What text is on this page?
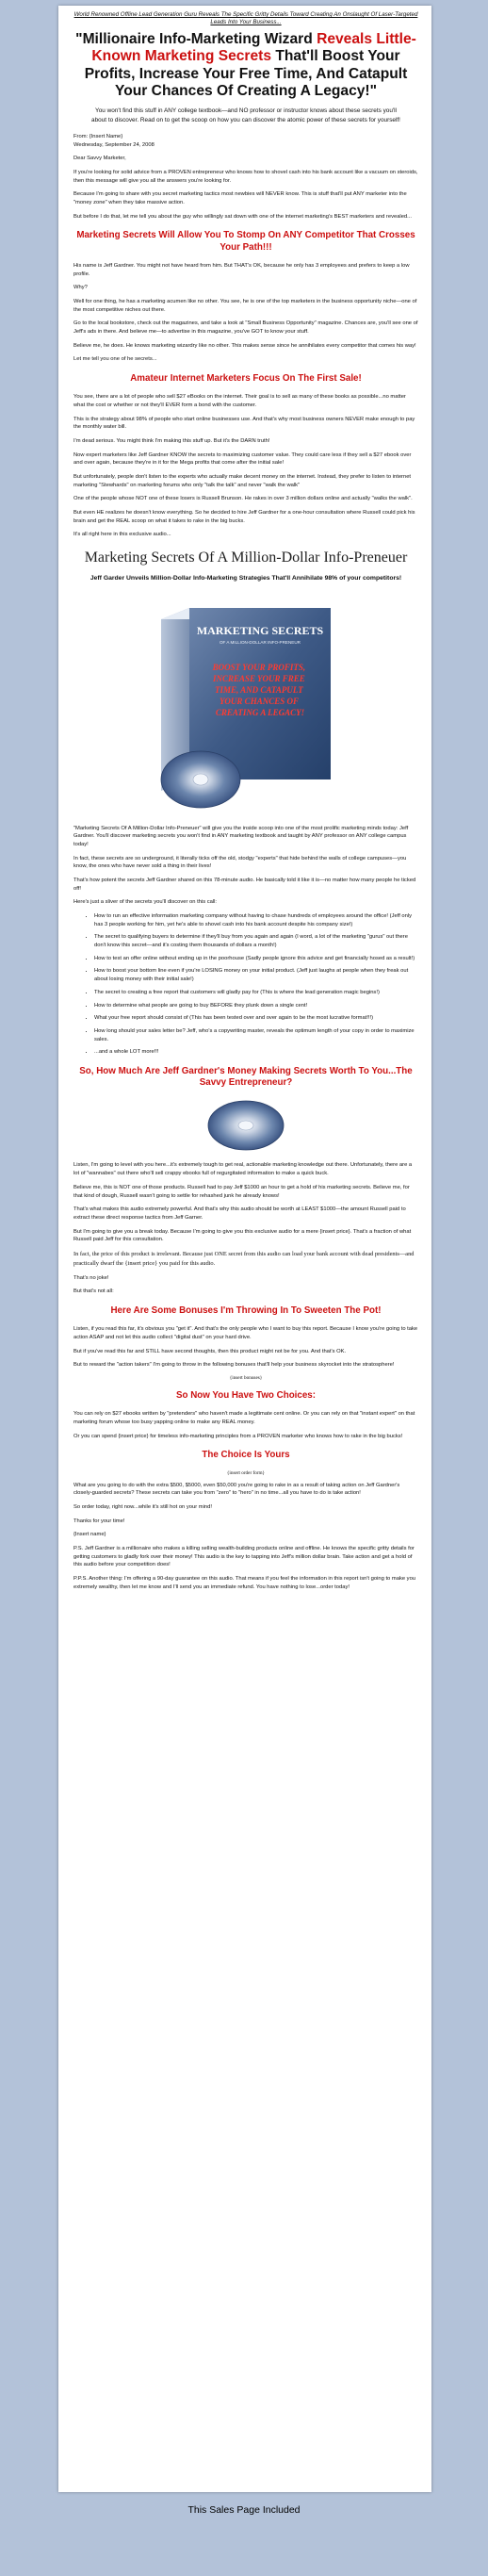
World Renowned Offline Lead Generation Guru Reveals The Specific Gritty Details Toward Creating An Onslaught Of Laser-Targeted Leads Into Your Business...
"Millionaire Info-Marketing Wizard Reveals Little-Known Marketing Secrets That'll Boost Your Profits, Increase Your Free Time, And Catapult Your Chances Of Creating A Legacy!"
You won't find this stuff in ANY college textbook—and NO professor or instructor knows about these secrets you'll about to discover. Read on to get the scoop on how you can discover the atomic power of these secrets for yourself!

From: {Insert Name}

Wednesday, September 24, 2008

Dear Savvy Marketer,

If you're looking for solid advice from a PROVEN entrepreneur who knows how to shovel cash into his bank account like a vacuum on steroids, then this message will give you all the answers you're looking for.

Because I'm going to share with you secret marketing tactics most newbies will NEVER know. This is stuff that'll put ANY marketer into the "money zone" when they take massive action.

But before I do that, let me tell you about the guy who willingly sat down with one of the internet marketing's BEST marketers and revealed...

Marketing Secrets Will Allow You To Stomp On ANY Competitor That Crosses Your Path!!!

His name is Jeff Gardner. You might not have heard from him. But THAT's OK, because he only has 3 employees and prefers to keep a low profile.

Why?

Well for one thing, he has a marketing acumen like no other. You see, he is one of the top marketers in the business opportunity niche—one of the most competitive niches out there.

Go to the local bookstore, check out the magazines, and take a look at "Small Business Opportunity" magazine. Chances are, you'll see one of Jeff's ads in there. And believe me—to advertise in this magazine, you've GOT to know your stuff.

Believe me, he does. He knows marketing wizardry like no other. This makes sense since he annihilates every competitor that comes his way!

Let me tell you one of he secrets...

Amateur Internet Marketers Focus On The First Sale!

You see, there are a lot of people who sell $27 eBooks on the internet. Their goal is to sell as many of these books as possible...no matter what the cost or whether or not they'll EVER form a bond with the customer.

This is the strategy about 98% of people who start online businesses use. And that's why most business owners NEVER make enough to pay the monthly water bill.

I'm dead serious. You might think I'm making this stuff up. But it's the DARN truth!

Now expert marketers like Jeff Gardner KNOW the secrets to maximizing customer value. They could care less if they sell a $27 ebook over and over again, because they're in it for the Mega profits that come after the initial sale!

But unfortunately, people don't listen to the experts who actually make decent money on the internet. Instead, they prefer to listen to internet marketing "Stewhards" on marketing forums who only "talk the talk" and never "walk the walk"

One of the people whose NOT one of these losers is Russell Brunson. He rakes in over 3 million dollars online and actually "walks the walk".

But even HE realizes he doesn't know everything. So he decided to hire Jeff Gardner for a one-hour consultation where Russell could pick his brain and get the REAL scoop on what it takes to rake in the big bucks.

It's all right here in this exclusive audio...

Marketing Secrets Of A Million-Dollar Info-Preneuer
Jeff Garder Unveils Million-Dollar Info-Marketing Strategies That'll Annihilate 98% of your competitors!
MARKETING SECRETS
OF A MILLION-DOLLAR INFO-PRENEUR
BOOST YOUR PROFITS, INCREASE YOUR FREE TIME, AND CATAPULT YOUR CHANCES OF CREATING A LEGACY!

"Marketing Secrets Of A Million-Dollar Info-Preneuer" will give you the inside scoop into one of the most prolific marketing minds today: Jeff Gardner. You'll discover marketing secrets you won't find in ANY marketing textbook and taught by ANY professor on ANY college campus today!

In fact, these secrets are so underground, it literally ticks off the old, stodgy "experts" that hide behind the walls of college campuses—you know, the ones who have never sold a thing in their lives!

That's how potent the secrets Jeff Gardner shared on this 78-minute audio. He basically told it like it is—no matter how many people he ticked off!

Here's just a sliver of the secrets you'll discover on this call:

• How to run an effective information marketing company without having to chase hundreds of employees around the office! (Jeff only has 3 people working for him, yet he's able to shovel cash into his bank account despite his company size!)
• The secret to qualifying buyers to determine if they'll buy from you again and again (I word, a lot of the marketing "gurus" out there don't know this secret—and it's costing them thousands of dollars a month!)
• How to test an offer online without ending up in the poorhouse (Sadly people ignore this advice and get financially hosed as a result!)
• How to boost your bottom line even if you're LOSING money on your initial product. (Jeff just laughs at people when they freak out about losing money with their initial sale!)
• The secret to creating a free report that customers will gladly pay for (This is where the lead generation magic begins!)
• How to determine what people are going to buy BEFORE they plunk down a single cent!
• What your free report should consist of (This has been tested over and over again to be the most lucrative format!!!)
• How long should your sales letter be? Jeff, who's a copywriting master, reveals the optimum length of your copy in order to maximize sales.
• ...and a whole LOT more!!!
So, How Much Are Jeff Gardner's Money Making Secrets Worth To You...The Savvy Entrepreneur?

Listen, I'm going to level with you here...it's extremely tough to get real, actionable marketing knowledge out there. Unfortunately, there are a lot of "wannabes" out there who'll sell crappy ebooks full of regurgitated information to make a quick buck.

Believe me, this is NOT one of those products. Russell had to pay Jeff $1000 an hour to get a hold of his marketing secrets. Believe me, for that kind of dough, Russell wasn't going to settle for rehashed junk he already knows!

That's what makes this audio extremely powerful. And that's why this audio should be worth at LEAST $1000—the amount Russell paid to extract these direct response tactics from Jeff Garner.

But I'm going to give you a break today. Because I'm going to give you this exclusive audio for a mere {insert price}. That's a fraction of what Russell paid Jeff for this consultation.

In fact, the price of this product is irrelevant. Because just ONE secret from this audio can load your bank account with dead presidents—and practically dwarf the {insert price} you paid for this audio.

That's no joke!

But that's not all:

Here Are Some Bonuses I'm Throwing In To Sweeten The Pot!

Listen, if you read this far, it's obvious you "get it". And that's the only people who I want to buy this report. Because I know you're going to take action ASAP and not let this audio collect "digital dust" on your hard drive.

But if you've read this far and STILL have second thoughts, then this product might not be for you. And that's OK.

But to reward the "action takers" I'm going to throw in the following bonuses that'll help your business skyrocket into the stratosphere!

{insert bonuses}
So Now You Have Two Choices:

You can rely on $27 ebooks written by "pretenders" who haven't made a legitimate cent online. Or you can rely on that "instant expert" on that marketing forum whose too busy yapping online to make any REAL money.

Or you can spend {insert price} for timeless info-marketing principles from a PROVEN marketer who knows how to rake in the big bucks!

The Choice Is Yours
{insert order form}

What are you going to do with the extra $500, $5000, even $50,000 you're going to rake in as a result of taking action on Jeff Gardner's closely-guarded secrets? These secrets can take you from "zero" to "hero" in no time...all you have to do is take action!

So order today, right now...while it's still hot on your mind!

Thanks for your time!

{Insert name}

P.S. Jeff Gardner is a millionaire who makes a killing selling wealth-building products online and offline. He knows the specific gritty details for getting customers to gladly fork over their money! This audio is the key to tapping into Jeff's million dollar brain. Take action and get a hold of this audio before your competition does!

P.P.S. Another thing: I'm offering a 90-day guarantee on this audio. That means if you feel the information in this report isn't going to make you extremely wealthy, then let me know and I'll send you an immediate refund. You have nothing to lose...order today!

This Sales Page Included
